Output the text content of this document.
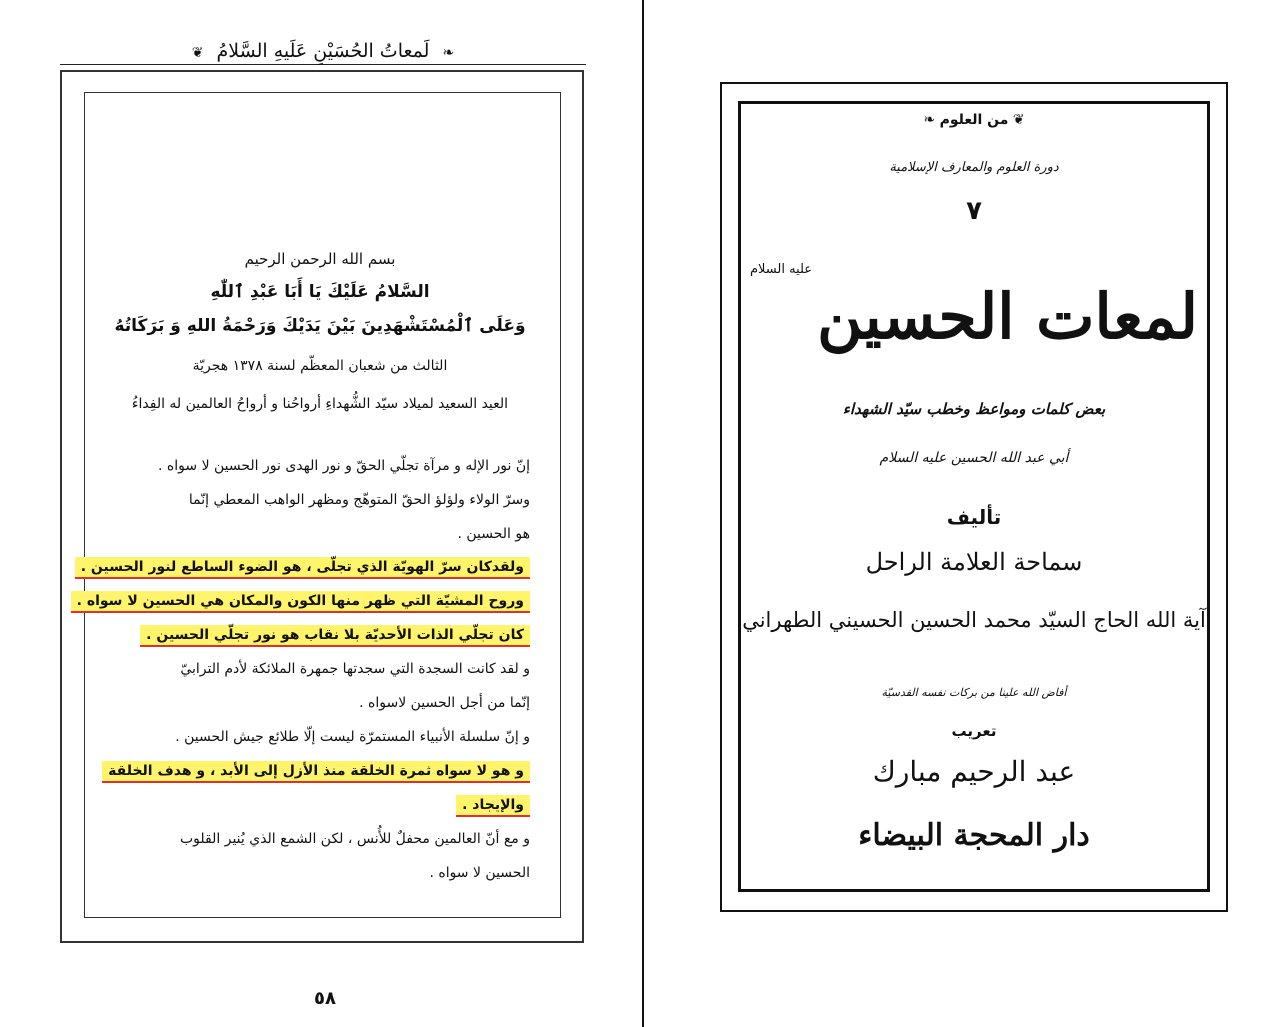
❦ لَمعاتُ الحُسَيْنِ عَلَيهِ السَّلامُ ❧
بسم الله الرحمن الرحيم
السَّلامُ عَلَيْكَ يَا أَبَا عَبْدِ ٱللّٰهِ
وَعَلَى ٱلْمُسْتَشْهَدِينَ بَيْنَ يَدَيْكَ وَرَحْمَةُ اللهِ وَ بَرَكَاتُهُ
الثالث من شعبان المعظّم لسنة ١٣٧٨ هجريّة
العيد السعيد لميلاد سيّد الشُّهداءِ أرواحُنا و أرواحُ العالمين له الفِداءُ
إنّ نور الإله و مرآة تجلّي الحقّ و نور الهدى نور الحسين لا سواه .
وسرّ الولاء ولؤلؤ الحقّ المتوهّج ومظهر الواهب المعطي إنّما
هو الحسين .
ولقدكان سرّ الهويّة الذي تجلّى ، هو الضوء الساطع لنور الحسين .
وروح المشيّة التي ظهر منها الكون والمكان هي الحسين لا سواه .
كان تجلّي الذات الأحديّة بلا نقاب هو نور تجلّي الحسين .
و لقد كانت السجدة التي سجدتها جمهرة الملائكة لأدم الترابيّ
إنّما من أجل الحسين لاسواه .
و إنّ سلسلة الأنبياء المستمرّة ليست إلّا طلائع جيش الحسين .
و هو لا سواه ثمرة الخلقة منذ الأزل إلى الأبد ، و هدف الخلقة
والإيجاد .
و مع أنّ العالمين محفلٌ للأُنس ، لكن الشمع الذي يُنير القلوب
الحسين لا سواه .
٥٨
❦ من العلوم ❧
دورة العلوم والمعارف الإسلامية
٧
لمعات الحسين $^{عليه السلام}$
بعض كلمات ومواعظ وخطب سيّد الشهداء
أبي عبد الله الحسين عليه السلام
تأليف
سماحة العلامة الراحل
آية الله الحاج السيّد محمد الحسين الحسيني الطهراني
أفاض الله علينا من بركات نفسه القدسيّة
تعريب
عبد الرحيم مبارك
دار المحجة البيضاء
